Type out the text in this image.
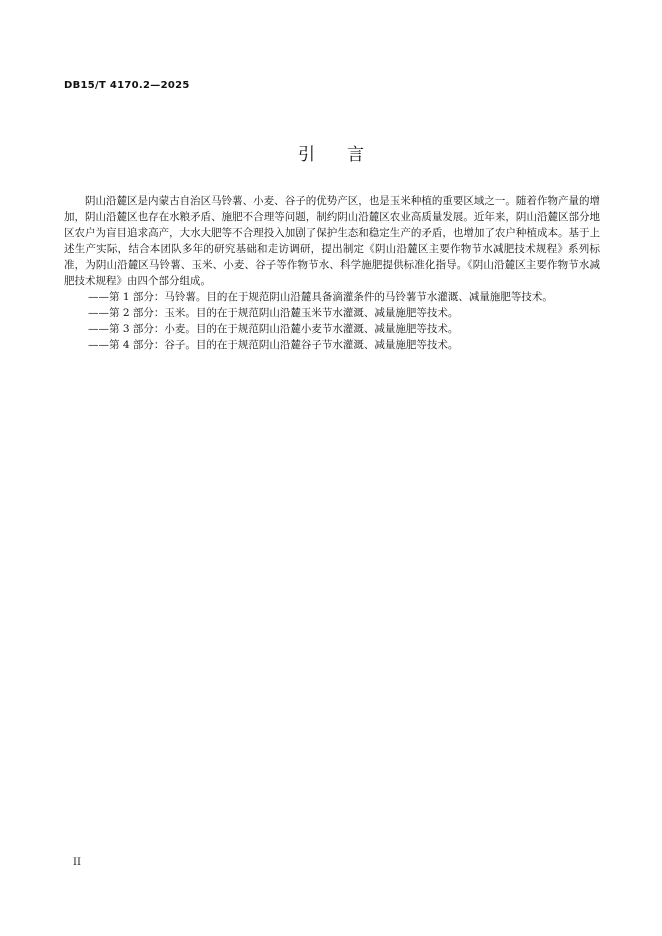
DB15/T 4170.2—2025
引言

阴山沿麓区是内蒙古自治区马铃薯、小麦、谷子的优势产区，也是玉米种植的重要区域之一。随着作物产量的增加，阴山沿麓区也存在水粮矛盾、施肥不合理等问题，制约阴山沿麓区农业高质量发展。近年来，阴山沿麓区部分地区农户为盲目追求高产，大水大肥等不合理投入加剧了保护生态和稳定生产的矛盾，也增加了农户种植成本。基于上述生产实际，结合本团队多年的研究基础和走访调研，提出制定《阴山沿麓区主要作物节水减肥技术规程》系列标准，为阴山沿麓区马铃薯、玉米、小麦、谷子等作物节水、科学施肥提供标准化指导。《阴山沿麓区主要作物节水减肥技术规程》由四个部分组成。

——第 1 部分：马铃薯。目的在于规范阴山沿麓具备滴灌条件的马铃薯节水灌溉、减量施肥等技术。

——第 2 部分：玉米。目的在于规范阴山沿麓玉米节水灌溉、减量施肥等技术。

——第 3 部分：小麦。目的在于规范阴山沿麓小麦节水灌溉、减量施肥等技术。

——第 4 部分：谷子。目的在于规范阴山沿麓谷子节水灌溉、减量施肥等技术。

II
